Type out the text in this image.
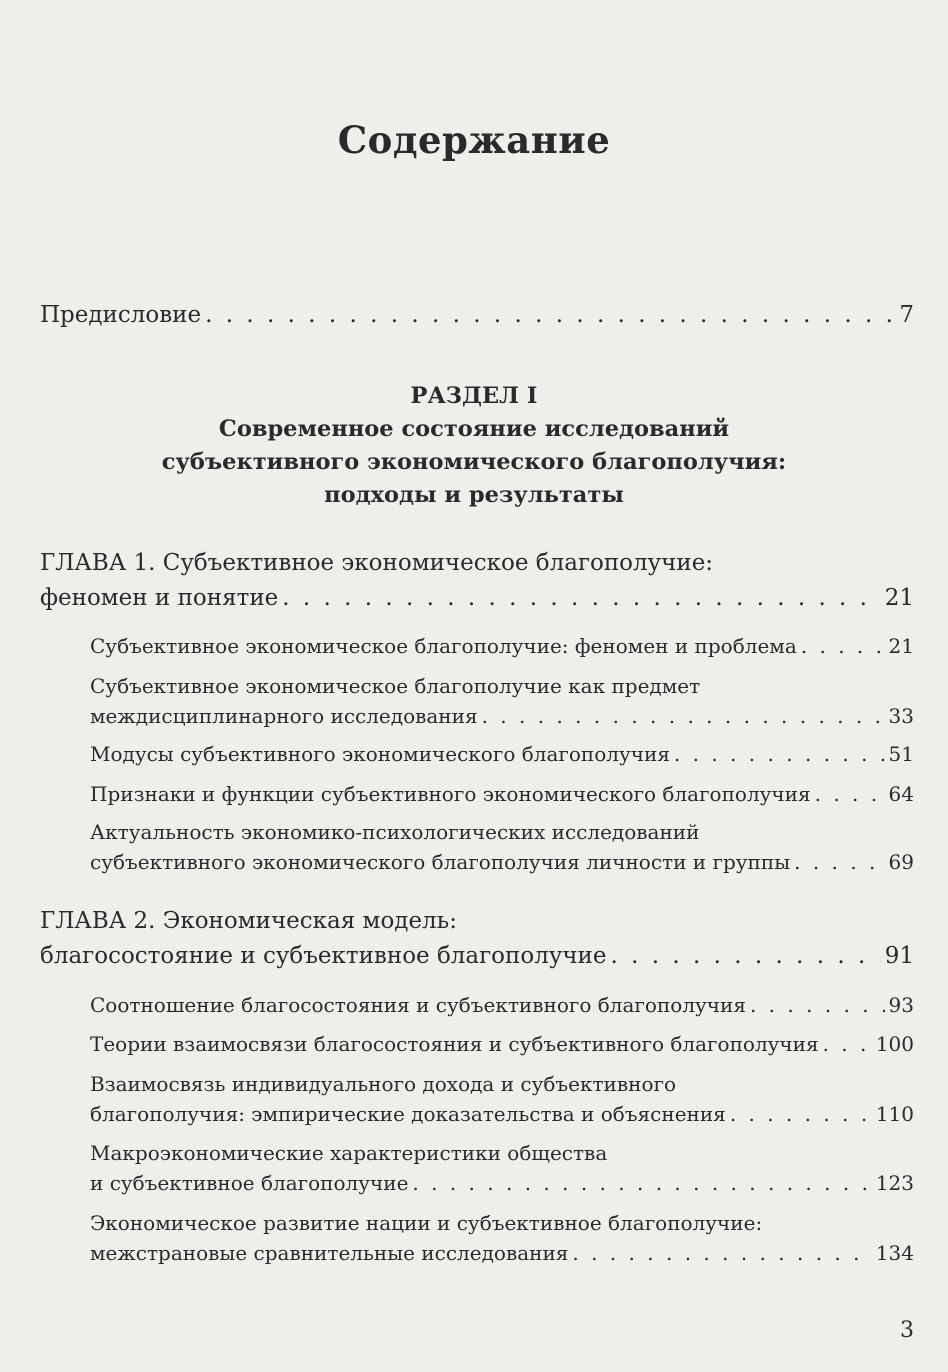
Содержание
Предисловие . . .	7
РАЗДЕЛ I
Современное состояние исследований
субъективного экономического благополучия:
подходы и результаты
ГЛАВА 1. Субъективное экономическое благополучие:
феномен и понятие . . .	21
Субъективное экономическое благополучие: феномен и проблема . . .	21
Субъективное экономическое благополучие как предмет
междисциплинарного исследования . . .	33
Модусы субъективного экономического благополучия . . .	51
Признаки и функции субъективного экономического благополучия . . .	64
Актуальность экономико-психологических исследований
субъективного экономического благополучия личности и группы . . .	69
ГЛАВА 2. Экономическая модель:
благосостояние и субъективное благополучие . . .	91
Соотношение благосостояния и субъективного благополучия . . .	93
Теории взаимосвязи благосостояния и субъективного благополучия . . .	100
Взаимосвязь индивидуального дохода и субъективного
благополучия: эмпирические доказательства и объяснения . . .	110
Макроэкономические характеристики общества
и субъективное благополучие . . .	123
Экономическое развитие нации и субъективное благополучие:
межстрановые сравнительные исследования . . .	134
3
